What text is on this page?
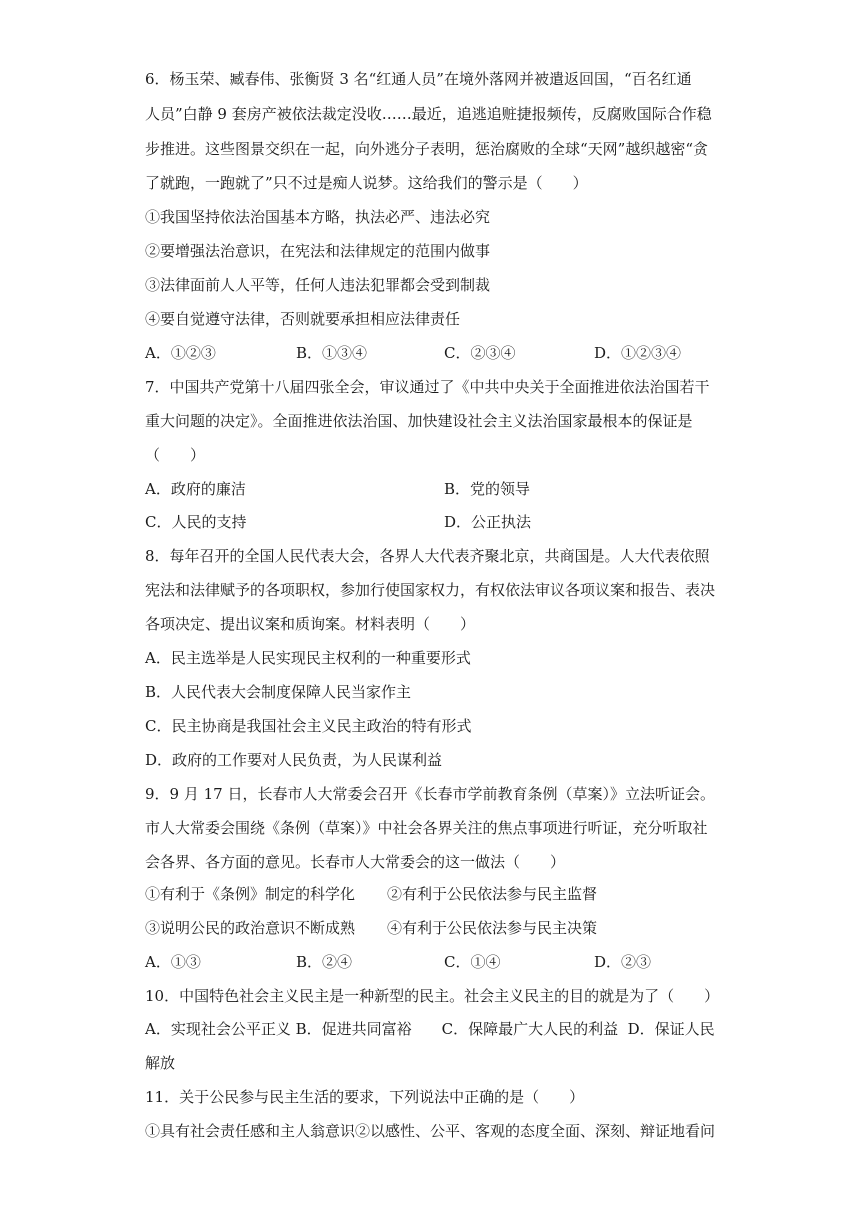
6．杨玉荣、臧春伟、张衡贤 3 名“红通人员”在境外落网并被遣返回国，“百名红通
人员”白静 9 套房产被依法裁定没收……最近，追逃追赃捷报频传，反腐败国际合作稳
步推进。这些图景交织在一起，向外逃分子表明，惩治腐败的全球“天网”越织越密“贪
了就跑，一跑就了”只不过是痴人说梦。这给我们的警示是（　　）
①我国坚持依法治国基本方略，执法必严、违法必究
②要增强法治意识，在宪法和法律规定的范围内做事
③法律面前人人平等，任何人违法犯罪都会受到制裁
④要自觉遵守法律，否则就要承担相应法律责任
A．①②③	B．①③④	C．②③④	D．①②③④
7．中国共产党第十八届四张全会，审议通过了《中共中央关于全面推进依法治国若干
重大问题的决定》。全面推进依法治国、加快建设社会主义法治国家最根本的保证是
（　　）
A．政府的廉洁	B．党的领导
C．人民的支持	D．公正执法
8．每年召开的全国人民代表大会，各界人大代表齐聚北京，共商国是。人大代表依照
宪法和法律赋予的各项职权，参加行使国家权力，有权依法审议各项议案和报告、表决
各项决定、提出议案和质询案。材料表明（　　）
A．民主选举是人民实现民主权利的一种重要形式
B．人民代表大会制度保障人民当家作主
C．民主协商是我国社会主义民主政治的特有形式
D．政府的工作要对人民负责，为人民谋利益
9．9 月 17 日，长春市人大常委会召开《长春市学前教育条例（草案）》立法听证会。
市人大常委会围绕《条例（草案）》中社会各界关注的焦点事项进行听证，充分听取社
会各界、各方面的意见。长春市人大常委会的这一做法（　　）
①有利于《条例》制定的科学化 ②有利于公民依法参与民主监督
③说明公民的政治意识不断成熟 ④有利于公民依法参与民主决策
A．①③	B．②④	C．①④	D．②③
10．中国特色社会主义民主是一种新型的民主。社会主义民主的目的就是为了（　　）
A．实现社会公平正义 B．促进共同富裕　　C．保障最广大人民的利益  D．保证人民
解放
11．关于公民参与民主生活的要求，下列说法中正确的是（　　）
①具有社会责任感和主人翁意识②以感性、公平、客观的态度全面、深刻、辩证地看问
